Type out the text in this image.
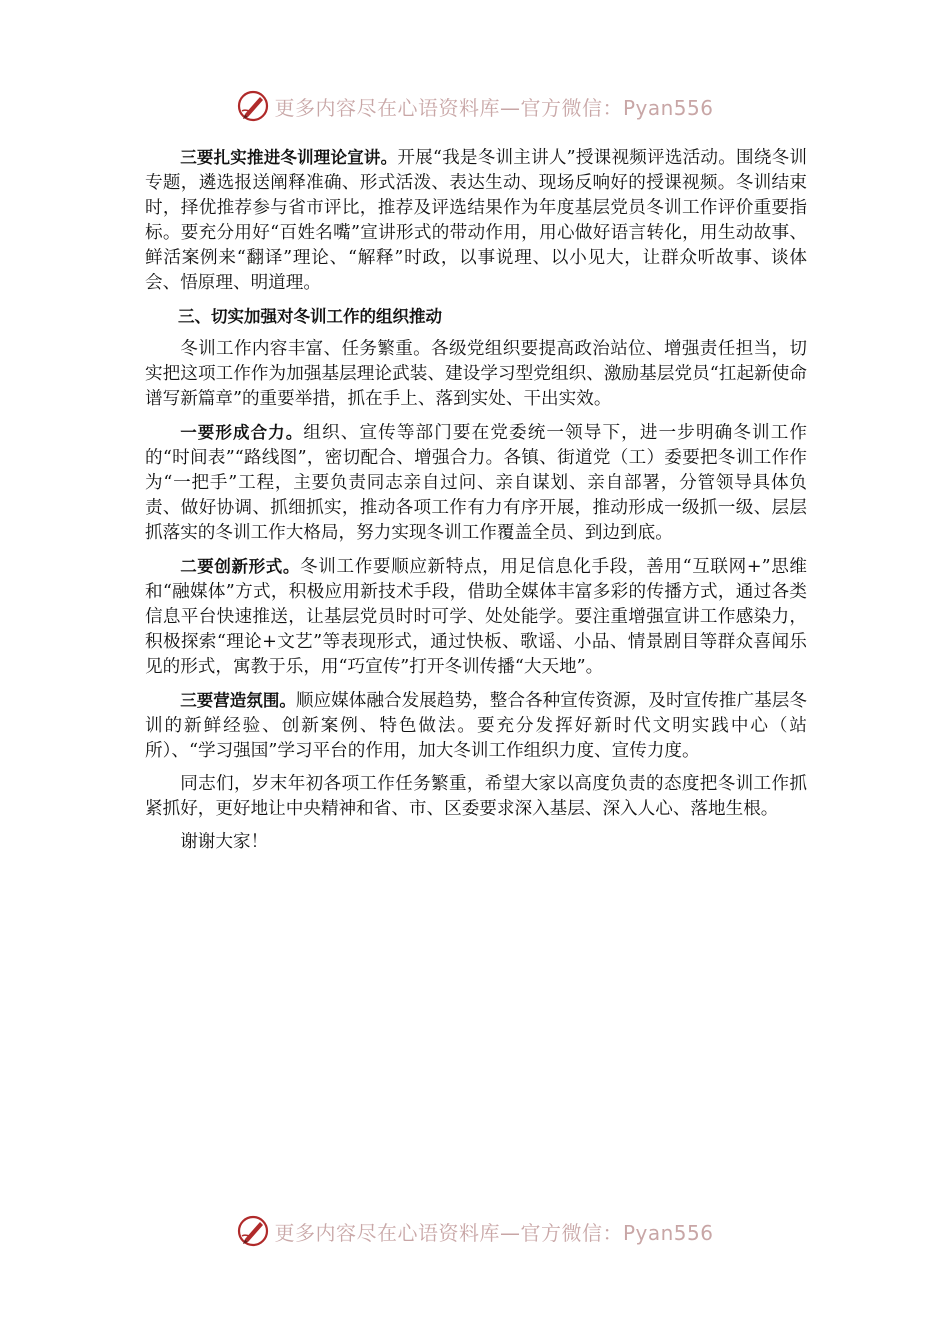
更多内容尽在心语资料库—官方微信：Pyan556

三要扎实推进冬训理论宣讲。开展“我是冬训主讲人”授课视频评选活动。围绕冬训专题，遴选报送阐释准确、形式活泼、表达生动、现场反响好的授课视频。冬训结束时，择优推荐参与省市评比，推荐及评选结果作为年度基层党员冬训工作评价重要指标。要充分用好“百姓名嘴”宣讲形式的带动作用，用心做好语言转化，用生动故事、鲜活案例来“翻译”理论、“解释”时政，以事说理、以小见大，让群众听故事、谈体会、悟原理、明道理。

三、切实加强对冬训工作的组织推动

冬训工作内容丰富、任务繁重。各级党组织要提高政治站位、增强责任担当，切实把这项工作作为加强基层理论武装、建设学习型党组织、激励基层党员“扛起新使命 谱写新篇章”的重要举措，抓在手上、落到实处、干出实效。

一要形成合力。组织、宣传等部门要在党委统一领导下，进一步明确冬训工作的“时间表”“路线图”，密切配合、增强合力。各镇、街道党（工）委要把冬训工作作为“一把手”工程，主要负责同志亲自过问、亲自谋划、亲自部署，分管领导具体负责、做好协调、抓细抓实，推动各项工作有力有序开展，推动形成一级抓一级、层层抓落实的冬训工作大格局，努力实现冬训工作覆盖全员、到边到底。

二要创新形式。冬训工作要顺应新特点，用足信息化手段，善用“互联网+”思维和“融媒体”方式，积极应用新技术手段，借助全媒体丰富多彩的传播方式，通过各类信息平台快速推送，让基层党员时时可学、处处能学。要注重增强宣讲工作感染力，积极探索“理论+文艺”等表现形式，通过快板、歌谣、小品、情景剧目等群众喜闻乐见的形式，寓教于乐，用“巧宣传”打开冬训传播“大天地”。

三要营造氛围。顺应媒体融合发展趋势，整合各种宣传资源，及时宣传推广基层冬训的新鲜经验、创新案例、特色做法。要充分发挥好新时代文明实践中心（站所）、“学习强国”学习平台的作用，加大冬训工作组织力度、宣传力度。

同志们，岁末年初各项工作任务繁重，希望大家以高度负责的态度把冬训工作抓紧抓好，更好地让中央精神和省、市、区委要求深入基层、深入人心、落地生根。

谢谢大家！

更多内容尽在心语资料库—官方微信：Pyan556
